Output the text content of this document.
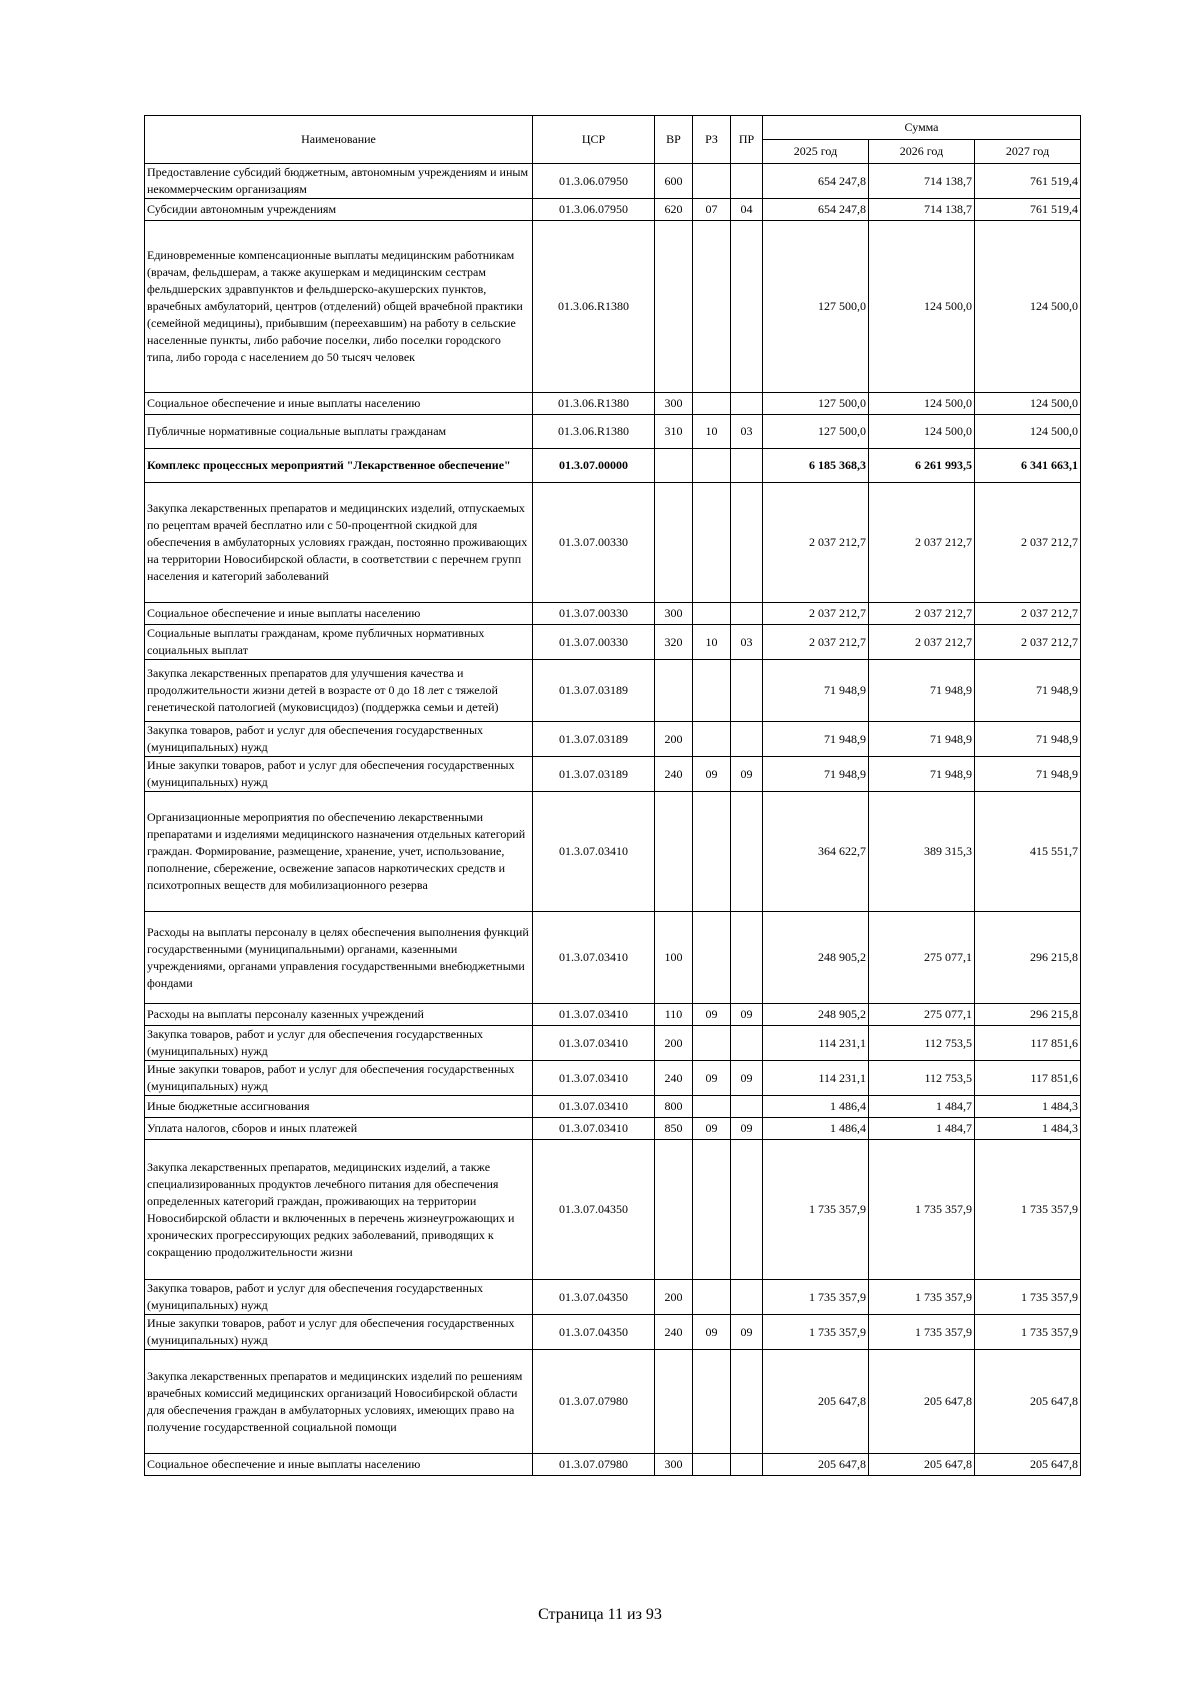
Наименование	ЦСР	ВР	РЗ	ПР	Сумма		
					2025 год	2026 год	2027 год
Предоставление субсидий бюджетным, автономным учреждениям и иным некоммерческим организациям	01.3.06.07950	600			654 247,8	714 138,7	761 519,4
Субсидии автономным учреждениям	01.3.06.07950	620	07	04	654 247,8	714 138,7	761 519,4
Единовременные компенсационные выплаты медицинским работникам (врачам, фельдшерам, а также акушеркам и медицинским сестрам фельдшерских здравпунктов и фельдшерско-акушерских пунктов, врачебных амбулаторий, центров (отделений) общей врачебной практики (семейной медицины), прибывшим (переехавшим) на работу в сельские населенные пункты, либо рабочие поселки, либо поселки городского типа, либо города с населением до 50 тысяч человек	01.3.06.R1380				127 500,0	124 500,0	124 500,0
Социальное обеспечение и иные выплаты населению	01.3.06.R1380	300			127 500,0	124 500,0	124 500,0
Публичные нормативные социальные выплаты гражданам	01.3.06.R1380	310	10	03	127 500,0	124 500,0	124 500,0
Комплекс процессных мероприятий "Лекарственное обеспечение"	01.3.07.00000				6 185 368,3	6 261 993,5	6 341 663,1
Закупка лекарственных препаратов и медицинских изделий, отпускаемых по рецептам врачей бесплатно или с 50-процентной скидкой для обеспечения в амбулаторных условиях граждан, постоянно проживающих на территории Новосибирской области, в соответствии с перечнем групп населения и категорий заболеваний	01.3.07.00330				2 037 212,7	2 037 212,7	2 037 212,7
Социальное обеспечение и иные выплаты населению	01.3.07.00330	300			2 037 212,7	2 037 212,7	2 037 212,7
Социальные выплаты гражданам, кроме публичных нормативных социальных выплат	01.3.07.00330	320	10	03	2 037 212,7	2 037 212,7	2 037 212,7
Закупка лекарственных препаратов для улучшения качества и продолжительности жизни детей в возрасте от 0 до 18 лет с тяжелой генетической патологией (муковисцидоз) (поддержка семьи и детей)	01.3.07.03189				71 948,9	71 948,9	71 948,9
Закупка товаров, работ и услуг для обеспечения государственных (муниципальных) нужд	01.3.07.03189	200			71 948,9	71 948,9	71 948,9
Иные закупки товаров, работ и услуг для обеспечения государственных (муниципальных) нужд	01.3.07.03189	240	09	09	71 948,9	71 948,9	71 948,9
Организационные мероприятия по обеспечению лекарственными препаратами и изделиями медицинского назначения отдельных категорий граждан. Формирование, размещение, хранение, учет, использование, пополнение, сбережение, освежение запасов наркотических средств и психотропных веществ для мобилизационного резерва	01.3.07.03410				364 622,7	389 315,3	415 551,7
Расходы на выплаты персоналу в целях обеспечения выполнения функций государственными (муниципальными) органами, казенными учреждениями, органами управления государственными внебюджетными фондами	01.3.07.03410	100			248 905,2	275 077,1	296 215,8
Расходы на выплаты персоналу казенных учреждений	01.3.07.03410	110	09	09	248 905,2	275 077,1	296 215,8
Закупка товаров, работ и услуг для обеспечения государственных (муниципальных) нужд	01.3.07.03410	200			114 231,1	112 753,5	117 851,6
Иные закупки товаров, работ и услуг для обеспечения государственных (муниципальных) нужд	01.3.07.03410	240	09	09	114 231,1	112 753,5	117 851,6
Иные бюджетные ассигнования	01.3.07.03410	800			1 486,4	1 484,7	1 484,3
Уплата налогов, сборов и иных платежей	01.3.07.03410	850	09	09	1 486,4	1 484,7	1 484,3
Закупка лекарственных препаратов, медицинских изделий, а также специализированных продуктов лечебного питания для обеспечения определенных категорий граждан, проживающих на территории Новосибирской области и включенных в перечень жизнеугрожающих и хронических прогрессирующих редких заболеваний, приводящих к сокращению продолжительности жизни	01.3.07.04350				1 735 357,9	1 735 357,9	1 735 357,9
Закупка товаров, работ и услуг для обеспечения государственных (муниципальных) нужд	01.3.07.04350	200			1 735 357,9	1 735 357,9	1 735 357,9
Иные закупки товаров, работ и услуг для обеспечения государственных (муниципальных) нужд	01.3.07.04350	240	09	09	1 735 357,9	1 735 357,9	1 735 357,9
Закупка лекарственных препаратов и медицинских изделий по решениям врачебных комиссий медицинских организаций Новосибирской области для обеспечения граждан в амбулаторных условиях, имеющих право на получение государственной социальной помощи	01.3.07.07980				205 647,8	205 647,8	205 647,8
Социальное обеспечение и иные выплаты населению	01.3.07.07980	300			205 647,8	205 647,8	205 647,8
Страница 11 из 93
